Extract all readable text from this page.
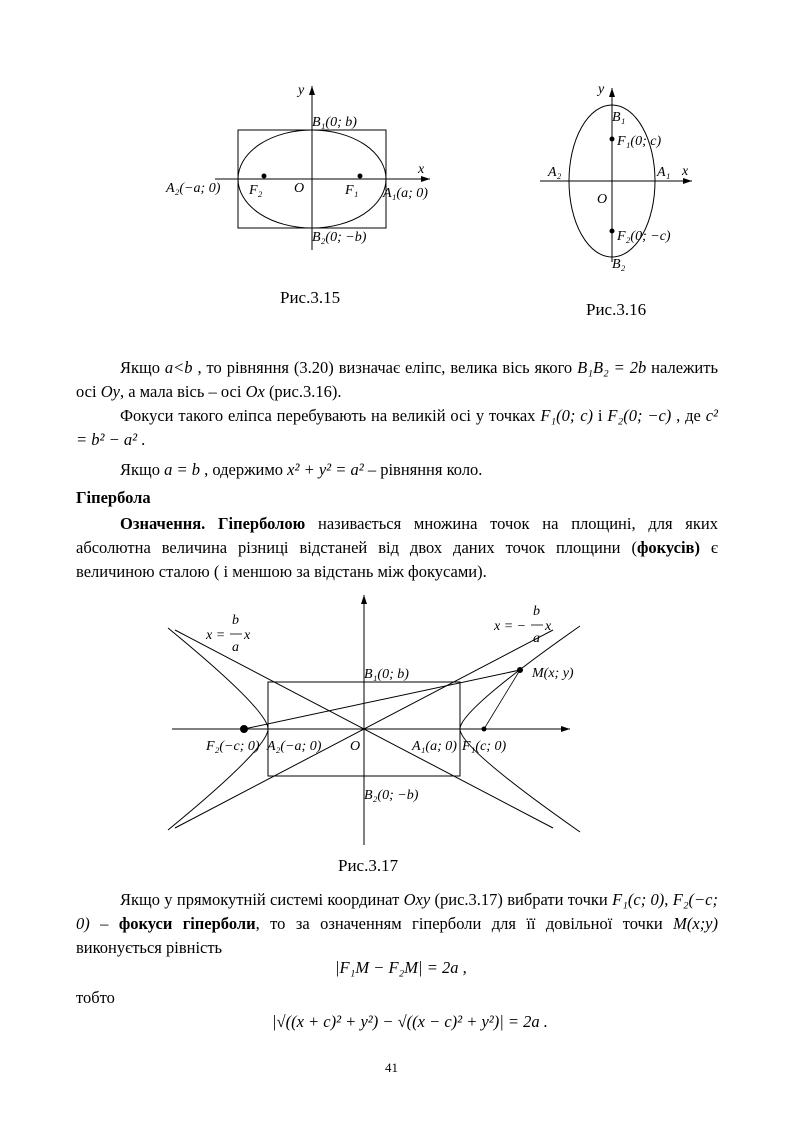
y
x
B₁(0; b)
B₂(0; −b)
A₂(−a; 0)	A₁(a; 0)
F₂	F₁
O
y
x
B₁
F₁(0; c)
A₂	A₁
O
F₂(0; −c)
B₂
Рис.3.15
Рис.3.16
Якщо a<b , то рівняння (3.20) визначає еліпс, велика вісь якого B₁B₂ = 2b належить осі Oy, а мала вісь – осі Ox (рис.3.16).
Фокуси такого еліпса перебувають на великій осі у точках F₁(0; c) і F₂(0; −c) , де c² = b² − a² .
Якщо a = b , одержимо x² + y² = a² – рівняння коло.
Гіпербола
Означення. Гіперболою називається множина точок на площині, для яких абсолютна величина різниці відстаней від двох даних точок площини (фокусів) є величиною сталою ( і меншою за відстань між фокусами).
x =
b
a
x
x = −
b
a
x
B₁(0; b)
B₂(0; −b)
M(x; y)
F₂(−c; 0) A₂(−a; 0) O	A₁(a; 0) F₁(c; 0)
Рис.3.17
Якщо у прямокутній системі координат Oxy (рис.3.17) вибрати точки F₁(c; 0), F₂(−c; 0) – фокуси гіперболи, то за означенням гіперболи для її довільної точки M(x;y) виконується рівність
|F₁M − F₂M| = 2a ,
тобто
|√((x + c)² + y²) − √((x − c)² + y²)| = 2a .
41
